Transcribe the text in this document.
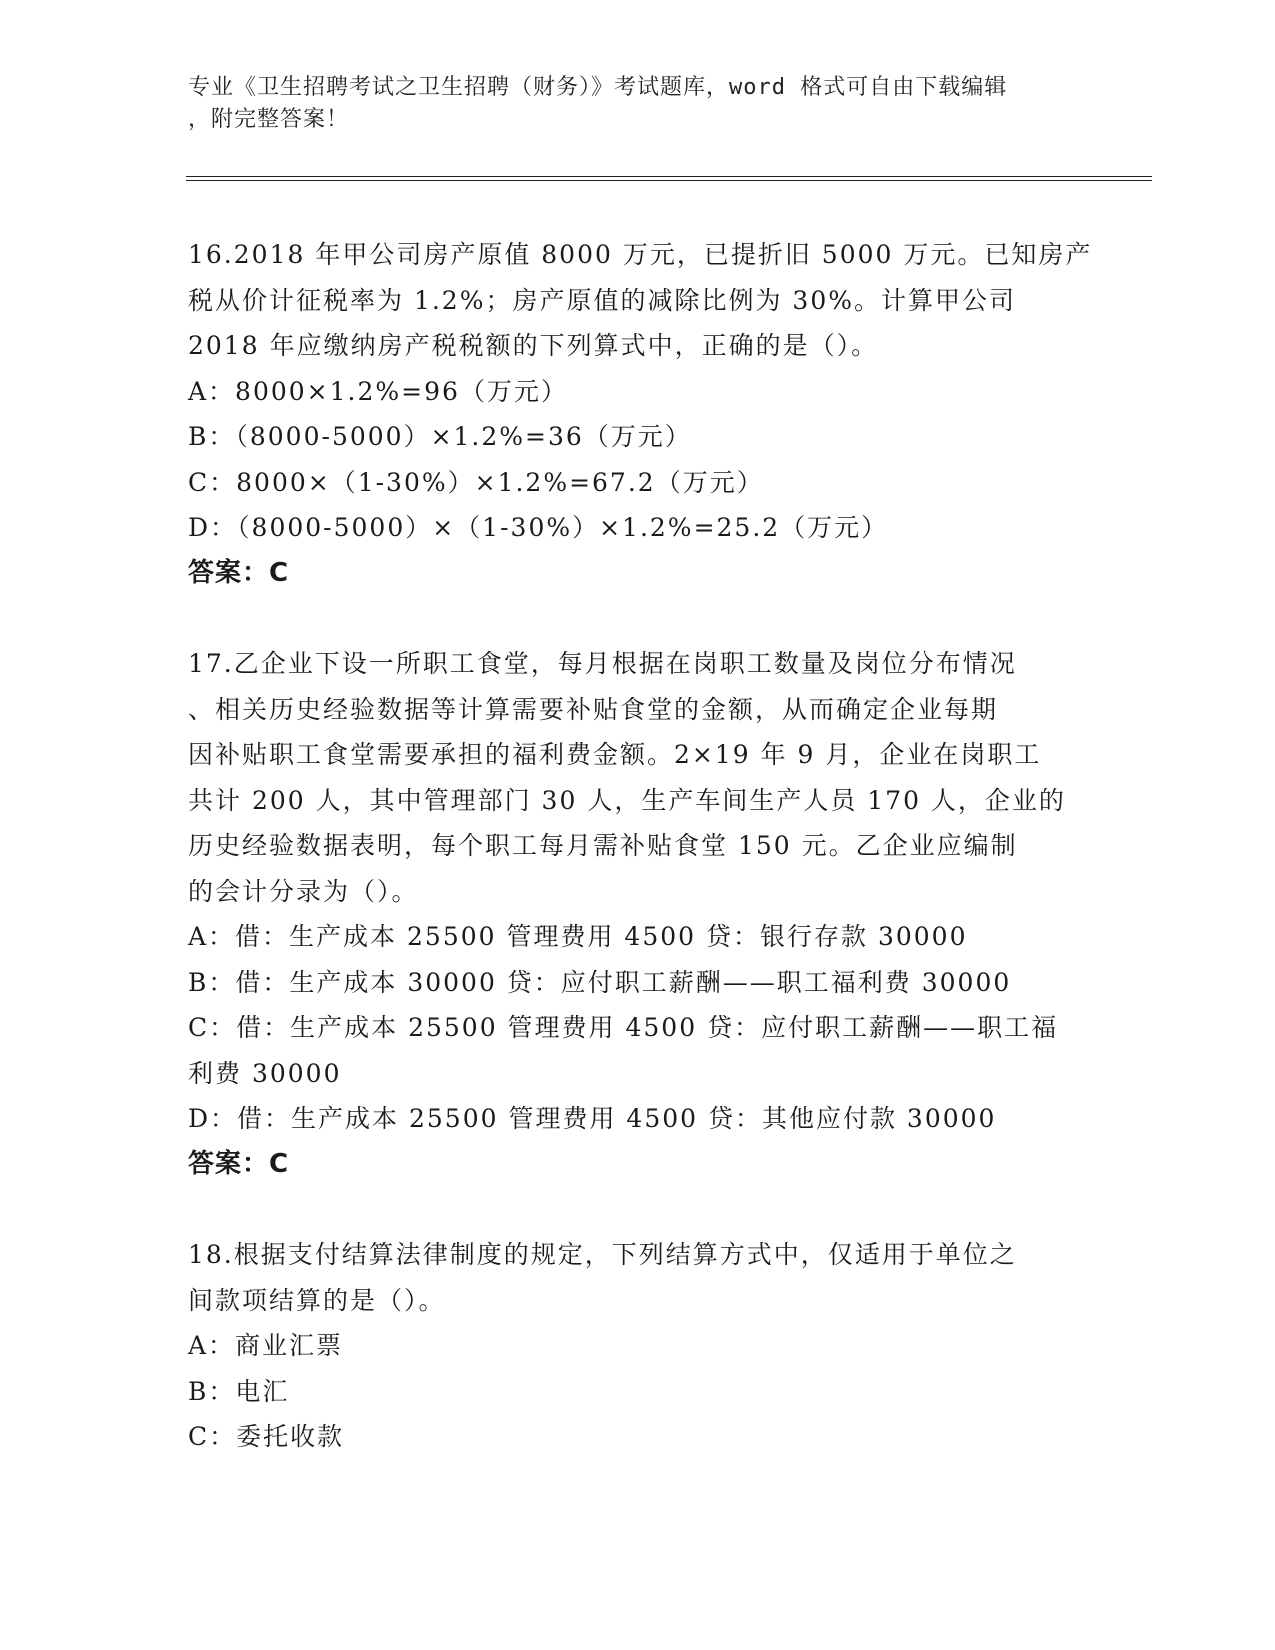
专业《卫生招聘考试之卫生招聘（财务）》考试题库，word 格式可自由下载编辑
，附完整答案！
16.2018 年甲公司房产原值 8000 万元，已提折旧 5000 万元。已知房产
税从价计征税率为 1.2%；房产原值的减除比例为 30%。计算甲公司
2018 年应缴纳房产税税额的下列算式中，正确的是（）。
A：8000×1.2%=96（万元）
B：（8000-5000）×1.2%=36（万元）
C：8000×（1-30%）×1.2%=67.2（万元）
D：（8000-5000）×（1-30%）×1.2%=25.2（万元）
答案：C
17.乙企业下设一所职工食堂，每月根据在岗职工数量及岗位分布情况
、相关历史经验数据等计算需要补贴食堂的金额，从而确定企业每期
因补贴职工食堂需要承担的福利费金额。2×19 年 9 月，企业在岗职工
共计 200 人，其中管理部门 30 人，生产车间生产人员 170 人，企业的
历史经验数据表明，每个职工每月需补贴食堂 150 元。乙企业应编制
的会计分录为（）。
A：借：生产成本 25500 管理费用 4500 贷：银行存款 30000
B：借：生产成本 30000 贷：应付职工薪酬——职工福利费 30000
C：借：生产成本 25500 管理费用 4500 贷：应付职工薪酬——职工福
利费 30000
D：借：生产成本 25500 管理费用 4500 贷：其他应付款 30000
答案：C
18.根据支付结算法律制度的规定，下列结算方式中，仅适用于单位之
间款项结算的是（）。
A：商业汇票
B：电汇
C：委托收款
